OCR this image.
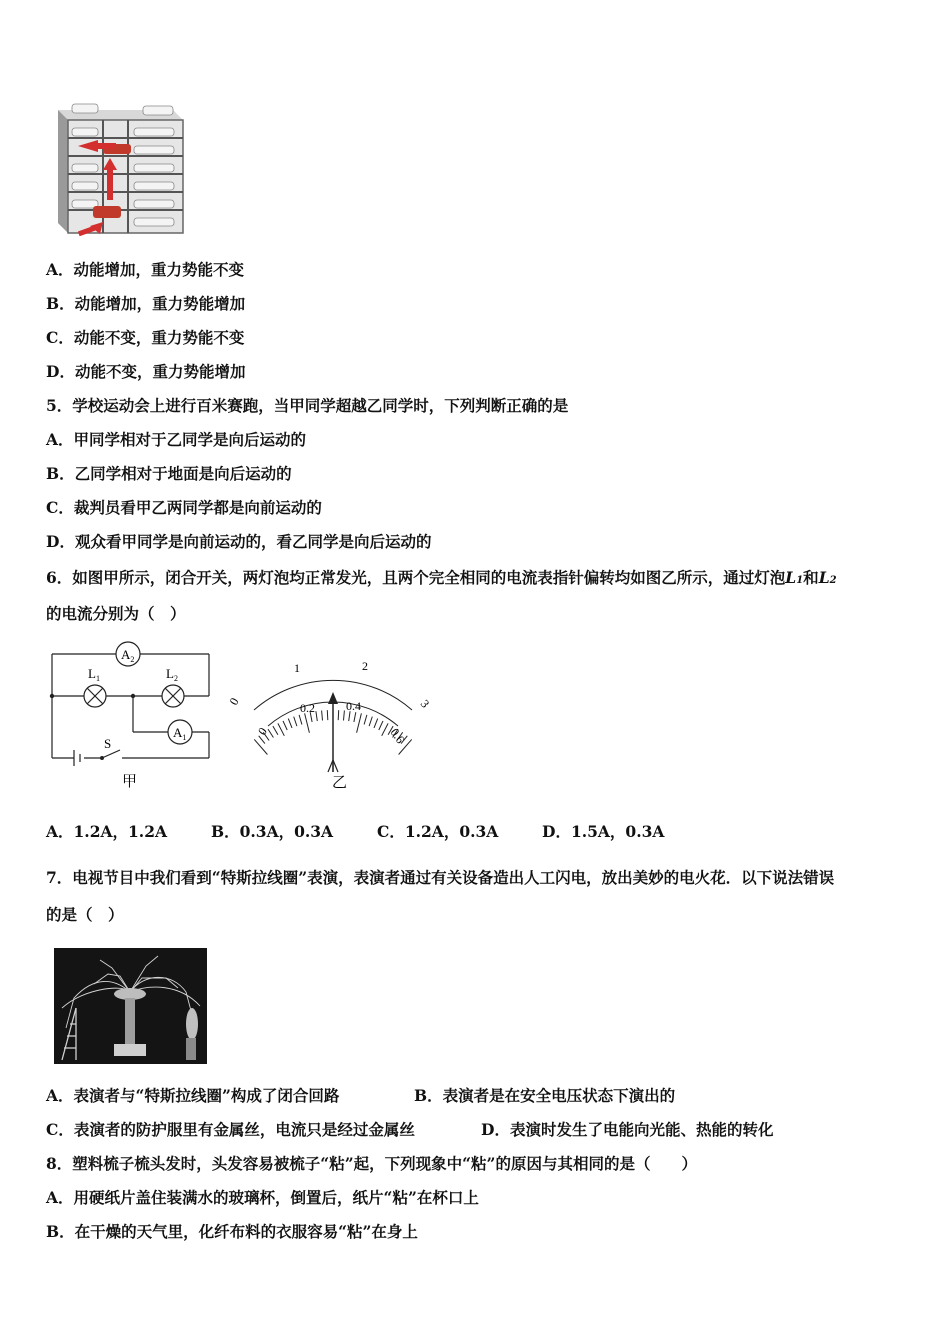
A．动能增加，重力势能不变
B．动能增加，重力势能增加
C．动能不变，重力势能不变
D．动能不变，重力势能增加
5．学校运动会上进行百米赛跑，当甲同学超越乙同学时，下列判断正确的是
A．甲同学相对于乙同学是向后运动的
B．乙同学相对于地面是向后运动的
C．裁判员看甲乙两同学都是向前运动的
D．观众看甲同学是向前运动的，看乙同学是向后运动的
6．如图甲所示，闭合开关，两灯泡均正常发光，且两个完全相同的电流表指针偏转均如图乙所示，通过灯泡L1和L2
的电流分别为（　）
$A_2$
$A_1$
$L_1$	$L_2$
S
甲
0
1	2
3
0
0.2	0.4
0.6
乙
A．1.2A，1.2A	B．0.3A，0.3A	C．1.2A，0.3A	D．1.5A，0.3A
7．电视节目中我们看到“特斯拉线圈”表演，表演者通过有关设备造出人工闪电，放出美妙的电火花．以下说法错误
的是（　）
A．表演者与“特斯拉线圈”构成了闭合回路	B．表演者是在安全电压状态下演出的
C．表演者的防护服里有金属丝，电流只是经过金属丝	D．表演时发生了电能向光能、热能的转化
8．塑料梳子梳头发时，头发容易被梳子“粘”起，下列现象中“粘”的原因与其相同的是（　　）
A．用硬纸片盖住装满水的玻璃杯，倒置后，纸片“粘”在杯口上
B．在干燥的天气里，化纤布料的衣服容易“粘”在身上
